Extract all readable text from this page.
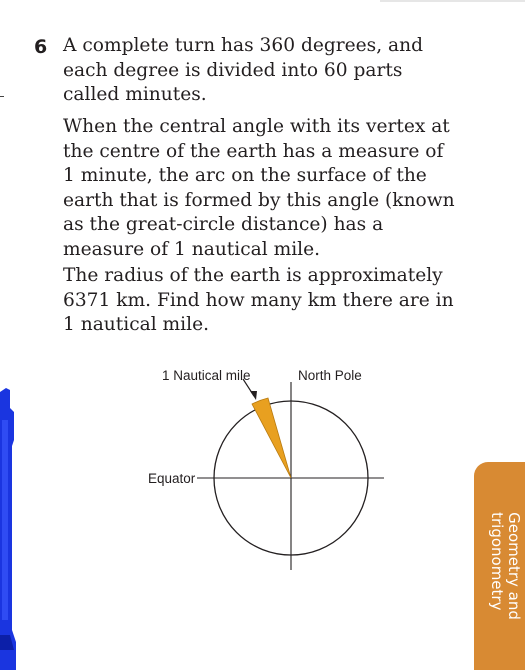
6 A complete turn has 360 degrees, and each degree is divided into 60 parts called minutes.

When the central angle with its vertex at the centre of the earth has a measure of 1 minute, the arc on the surface of the earth that is formed by this angle (known as the great-circle distance) has a measure of 1 nautical mile.

The radius of the earth is approximately 6371 km. Find how many km there are in 1 nautical mile.

1 Nautical mile	North Pole
Equator
Geometry and
trigonometry
